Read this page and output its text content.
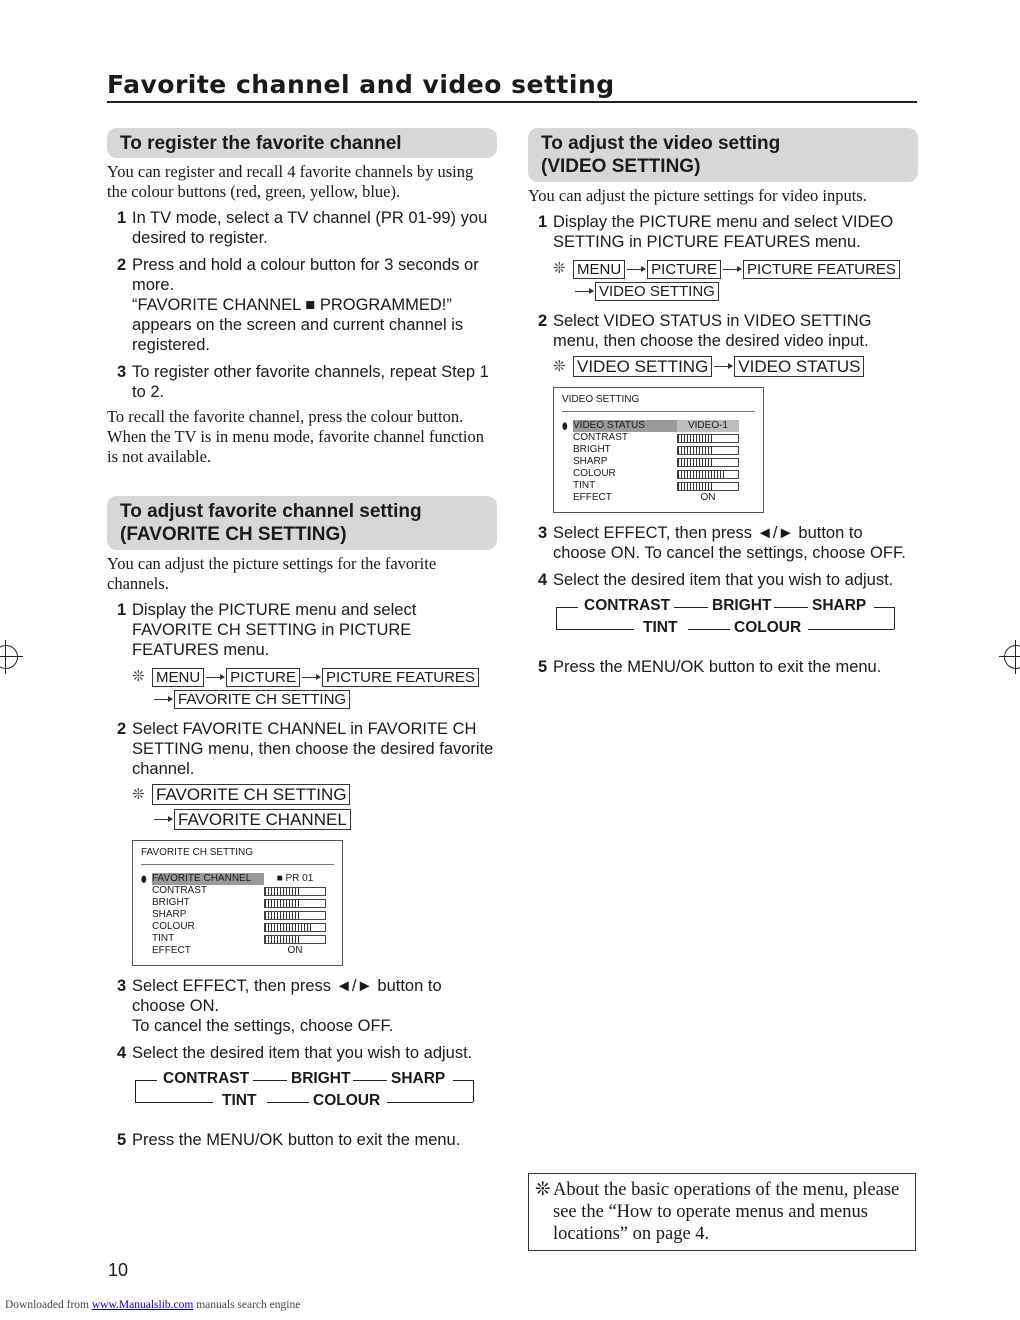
Favorite channel and video setting
To register the favorite channel
You can register and recall 4 favorite channels by using the colour buttons (red, green, yellow, blue).
1 In TV mode, select a TV channel (PR 01-99) you desired to register.
2 Press and hold a colour button for 3 seconds or more.
“FAVORITE CHANNEL ■ PROGRAMMED!” appears on the screen and current channel is registered.
3 To register other favorite channels, repeat Step 1 to 2.
To recall the favorite channel, press the colour button.
When the TV is in menu mode, favorite channel function is not available.
To adjust favorite channel setting
(FAVORITE CH SETTING)
You can adjust the picture settings for the favorite channels.
1 Display the PICTURE menu and select FAVORITE CH SETTING in PICTURE FEATURES menu.
❊ MENU PICTURE PICTURE FEATURES
FAVORITE CH SETTING
2 Select FAVORITE CHANNEL in FAVORITE CH SETTING menu, then choose the desired favorite channel.
❊ FAVORITE CH SETTING
FAVORITE CHANNEL
FAVORITE CH SETTING
⬮ FAVORITE CHANNEL	■ PR 01
CONTRAST
BRIGHT
SHARP
COLOUR
TINT
EFFECT	ON
3 Select EFFECT, then press ◄/► button to choose ON.
To cancel the settings, choose OFF.
4 Select the desired item that you wish to adjust.
CONTRAST	BRIGHT	SHARP
TINT	COLOUR
5 Press the MENU/OK button to exit the menu.
To adjust the video setting
(VIDEO SETTING)
You can adjust the picture settings for video inputs.
1 Display the PICTURE menu and select VIDEO SETTING in PICTURE FEATURES menu.
❊ MENU PICTURE PICTURE FEATURES
VIDEO SETTING
2 Select VIDEO STATUS in VIDEO SETTING menu, then choose the desired video input.
❊ VIDEO SETTING VIDEO STATUS
VIDEO SETTING
⬮ VIDEO STATUS	VIDEO-1
CONTRAST
BRIGHT
SHARP
COLOUR
TINT
EFFECT	ON
3 Select EFFECT, then press ◄/► button to choose ON. To cancel the settings, choose OFF.
4 Select the desired item that you wish to adjust.
CONTRAST	BRIGHT	SHARP
TINT	COLOUR
5 Press the MENU/OK button to exit the menu.
❊ About the basic operations of the menu, please see the “How to operate menus and menus locations” on page 4.
10
Downloaded from www.Manualslib.com manuals search engine
